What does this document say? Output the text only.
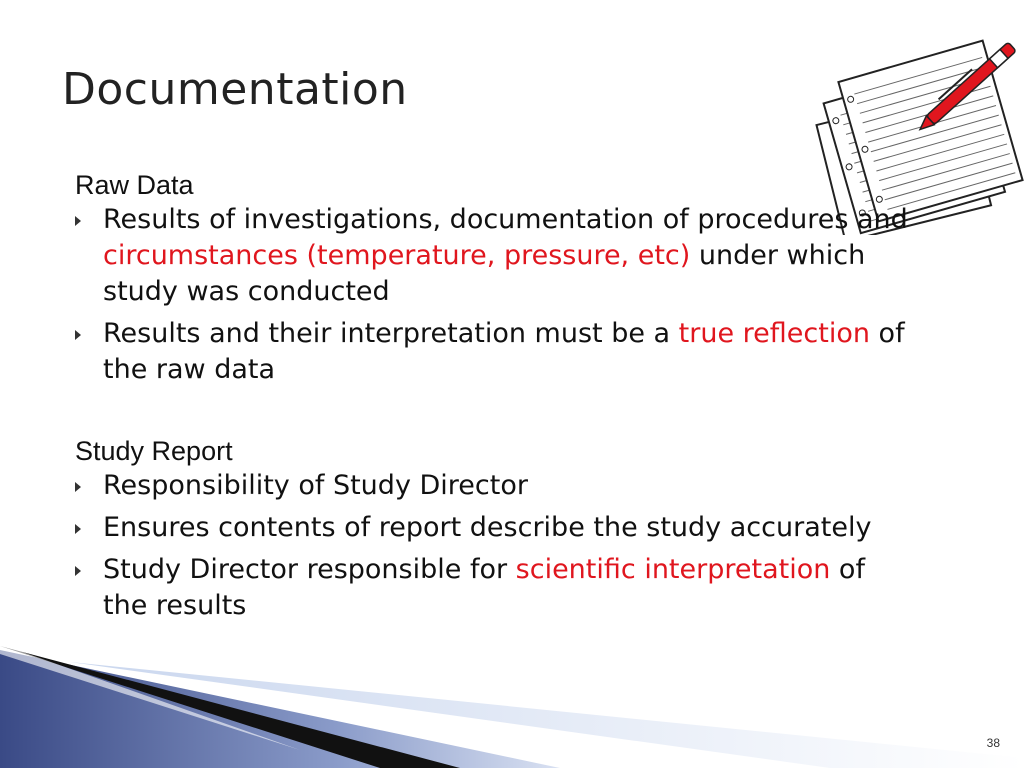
Documentation

Raw Data

Results of investigations, documentation of procedures and circumstances (temperature, pressure, etc) under which study was conducted
Results and their interpretation must be a true reflection of the raw data

Study Report

Responsibility of Study Director
Ensures contents of report describe the study accurately
Study Director responsible for scientific interpretation of the results
38
